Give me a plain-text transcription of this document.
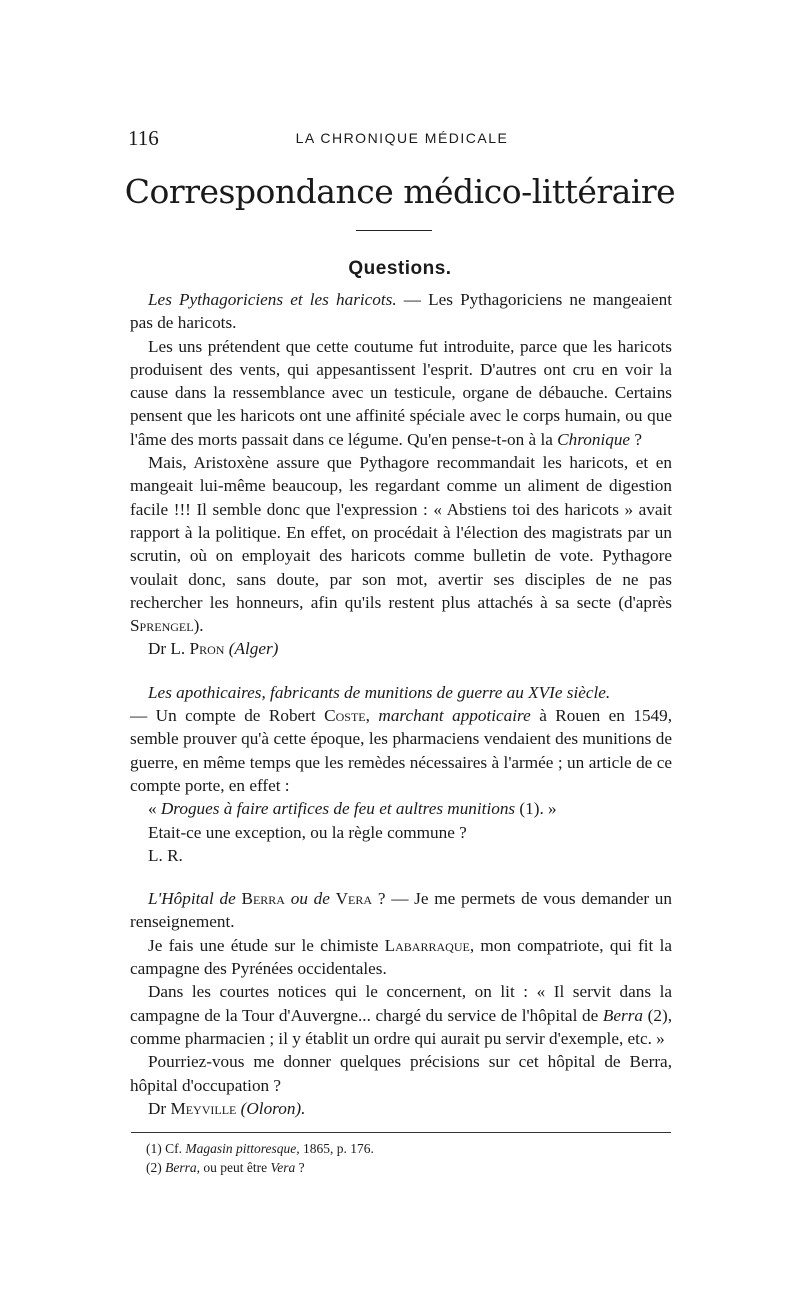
116	LA CHRONIQUE MÉDICALE
Correspondance médico-littéraire
Questions.

Les Pythagoriciens et les haricots. — Les Pythagoriciens ne mangeaient pas de haricots.

Les uns prétendent que cette coutume fut introduite, parce que les haricots produisent des vents, qui appesantissent l'esprit. D'autres ont cru en voir la cause dans la ressemblance avec un testicule, organe de débauche. Certains pensent que les haricots ont une affinité spéciale avec le corps humain, ou que l'âme des morts passait dans ce légume. Qu'en pense-t-on à la Chronique ?

Mais, Aristoxène assure que Pythagore recommandait les haricots, et en mangeait lui-même beaucoup, les regardant comme un aliment de digestion facile !!! Il semble donc que l'expression : « Abstiens toi des haricots » avait rapport à la politique. En effet, on procédait à l'élection des magistrats par un scrutin, où on employait des haricots comme bulletin de vote. Pythagore voulait donc, sans doute, par son mot, avertir ses disciples de ne pas rechercher les honneurs, afin qu'ils restent plus attachés à sa secte (d'après Sprengel).

Dr L. Pron (Alger)

Les apothicaires, fabricants de munitions de guerre au XVIe siècle.

— Un compte de Robert Coste, marchant appoticaire à Rouen en 1549, semble prouver qu'à cette époque, les pharmaciens vendaient des munitions de guerre, en même temps que les remèdes nécessaires à l'armée ; un article de ce compte porte, en effet :

« Drogues à faire artifices de feu et aultres munitions (1). »

Etait-ce une exception, ou la règle commune ?

L. R.

L'Hôpital de Berra ou de Vera ? — Je me permets de vous demander un renseignement.

Je fais une étude sur le chimiste Labarraque, mon compatriote, qui fit la campagne des Pyrénées occidentales.

Dans les courtes notices qui le concernent, on lit : « Il servit dans la campagne de la Tour d'Auvergne... chargé du service de l'hôpital de Berra (2), comme pharmacien ; il y établit un ordre qui aurait pu servir d'exemple, etc. »

Pourriez-vous me donner quelques précisions sur cet hôpital de Berra, hôpital d'occupation ?

Dr Meyville (Oloron).

(1) Cf. Magasin pittoresque, 1865, p. 176.
(2) Berra, ou peut être Vera ?
